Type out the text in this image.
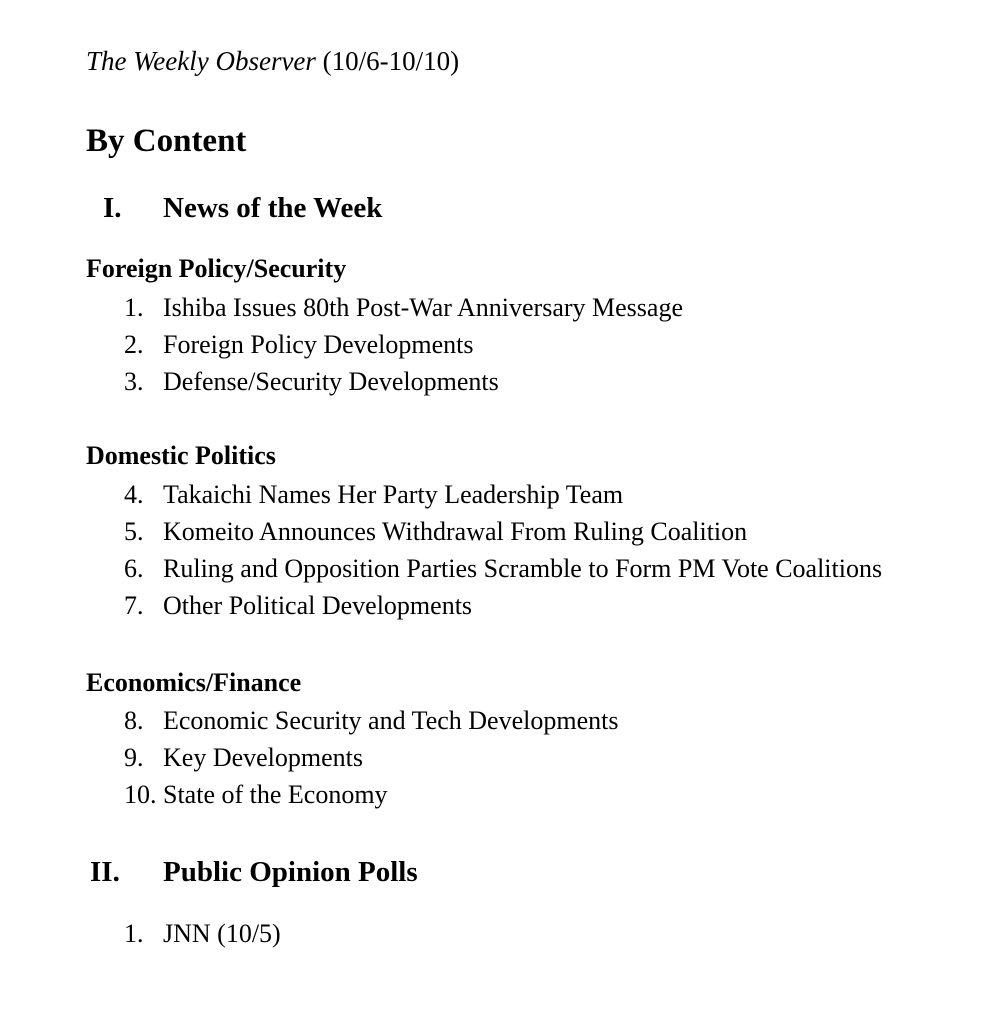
The Weekly Observer (10/6-10/10)
By Content
I. News of the Week
Foreign Policy/Security
1. Ishiba Issues 80th Post-War Anniversary Message
2. Foreign Policy Developments
3. Defense/Security Developments
Domestic Politics
4. Takaichi Names Her Party Leadership Team
5. Komeito Announces Withdrawal From Ruling Coalition
6. Ruling and Opposition Parties Scramble to Form PM Vote Coalitions
7. Other Political Developments
Economics/Finance
8. Economic Security and Tech Developments
9. Key Developments
10. State of the Economy
II. Public Opinion Polls
1. JNN (10/5)
